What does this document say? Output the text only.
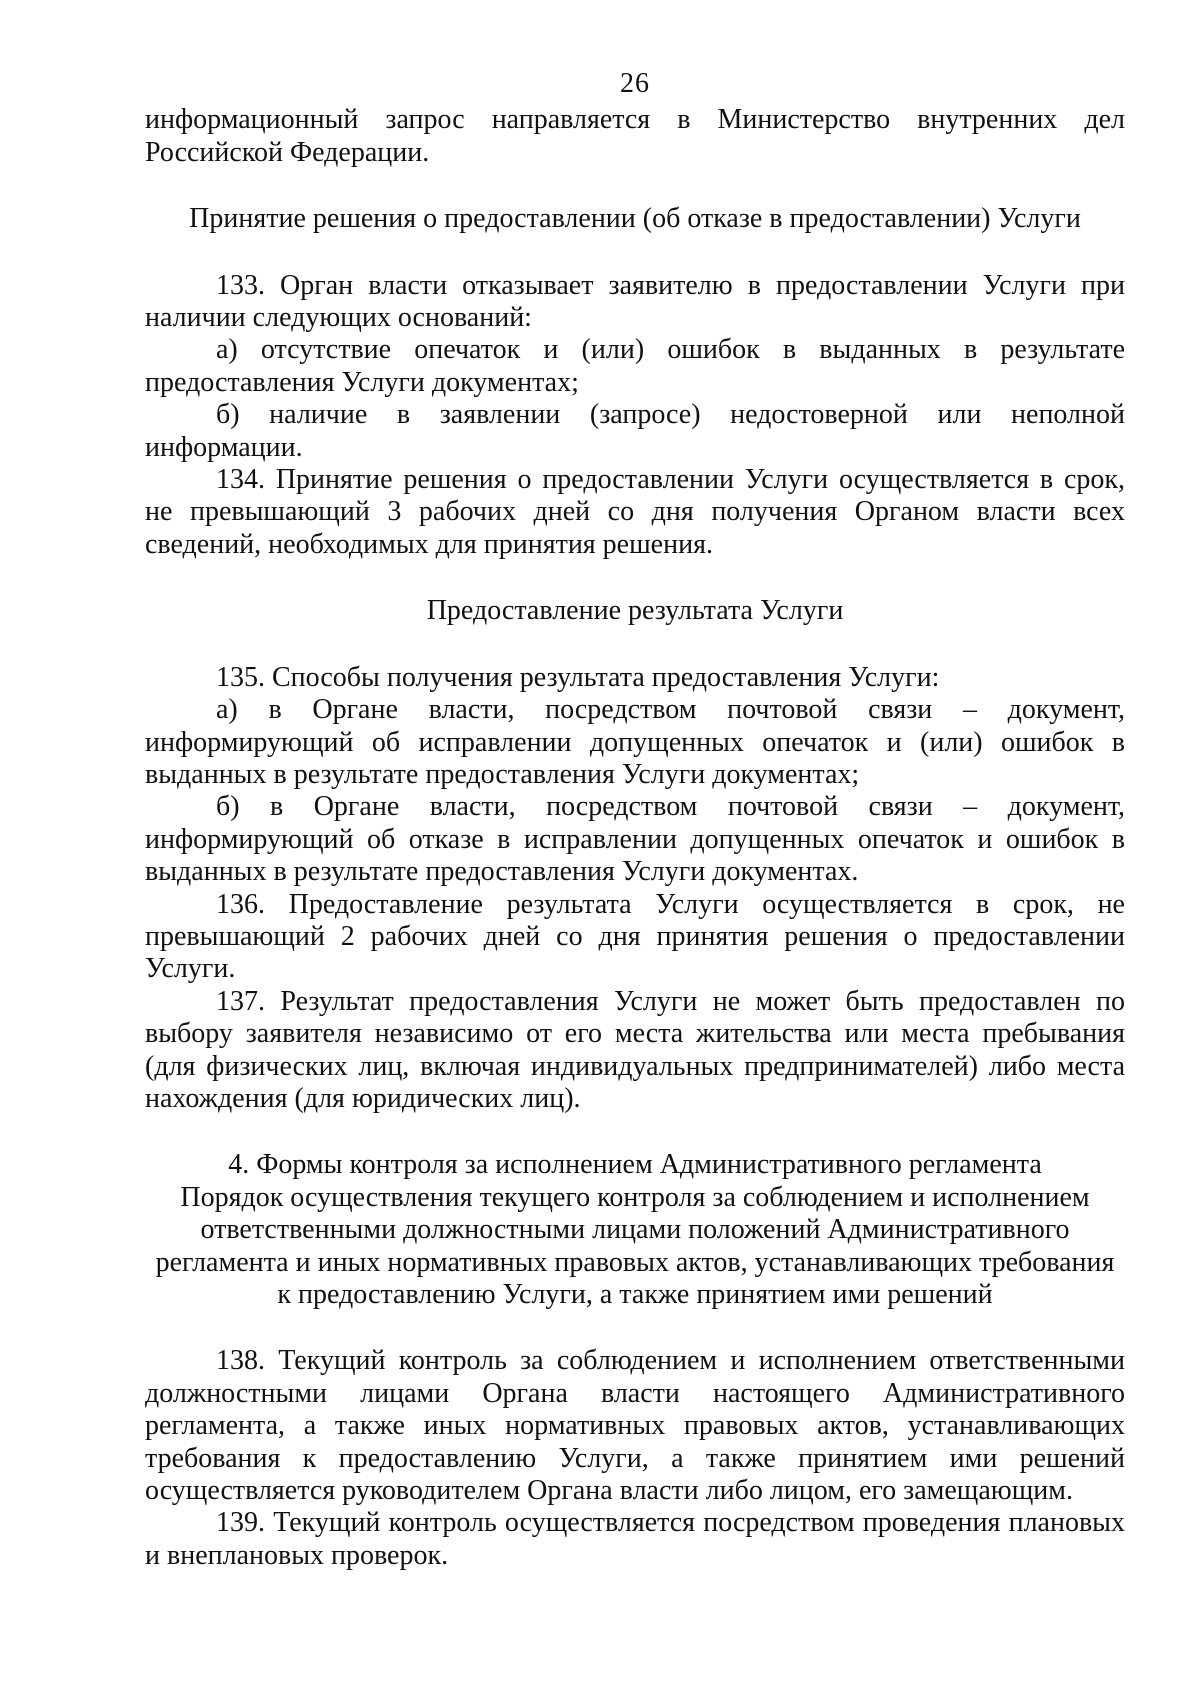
26

информационный запрос направляется в Министерство внутренних дел Российской Федерации.

Принятие решения о предоставлении (об отказе в предоставлении) Услуги

133. Орган власти отказывает заявителю в предоставлении Услуги при наличии следующих оснований:

а) отсутствие опечаток и (или) ошибок в выданных в результате предоставления Услуги документах;

б) наличие в заявлении (запросе) недостоверной или неполной информации.

134. Принятие решения о предоставлении Услуги осуществляется в срок, не превышающий 3 рабочих дней со дня получения Органом власти всех сведений, необходимых для принятия решения.

Предоставление результата Услуги

135. Способы получения результата предоставления Услуги:

а) в Органе власти, посредством почтовой связи – документ, информирующий об исправлении допущенных опечаток и (или) ошибок в выданных в результате предоставления Услуги документах;

б) в Органе власти, посредством почтовой связи – документ, информирующий об отказе в исправлении допущенных опечаток и ошибок в выданных в результате предоставления Услуги документах.

136. Предоставление результата Услуги осуществляется в срок, не превышающий 2 рабочих дней со дня принятия решения о предоставлении Услуги.

137. Результат предоставления Услуги не может быть предоставлен по выбору заявителя независимо от его места жительства или места пребывания (для физических лиц, включая индивидуальных предпринимателей) либо места нахождения (для юридических лиц).

4. Формы контроля за исполнением Административного регламента

Порядок осуществления текущего контроля за соблюдением и исполнением

ответственными должностными лицами положений Административного

регламента и иных нормативных правовых актов, устанавливающих требования

к предоставлению Услуги, а также принятием ими решений

138. Текущий контроль за соблюдением и исполнением ответственными должностными лицами Органа власти настоящего Административного регламента, а также иных нормативных правовых актов, устанавливающих требования к предоставлению Услуги, а также принятием ими решений осуществляется руководителем Органа власти либо лицом, его замещающим.

139. Текущий контроль осуществляется посредством проведения плановых и внеплановых проверок.
